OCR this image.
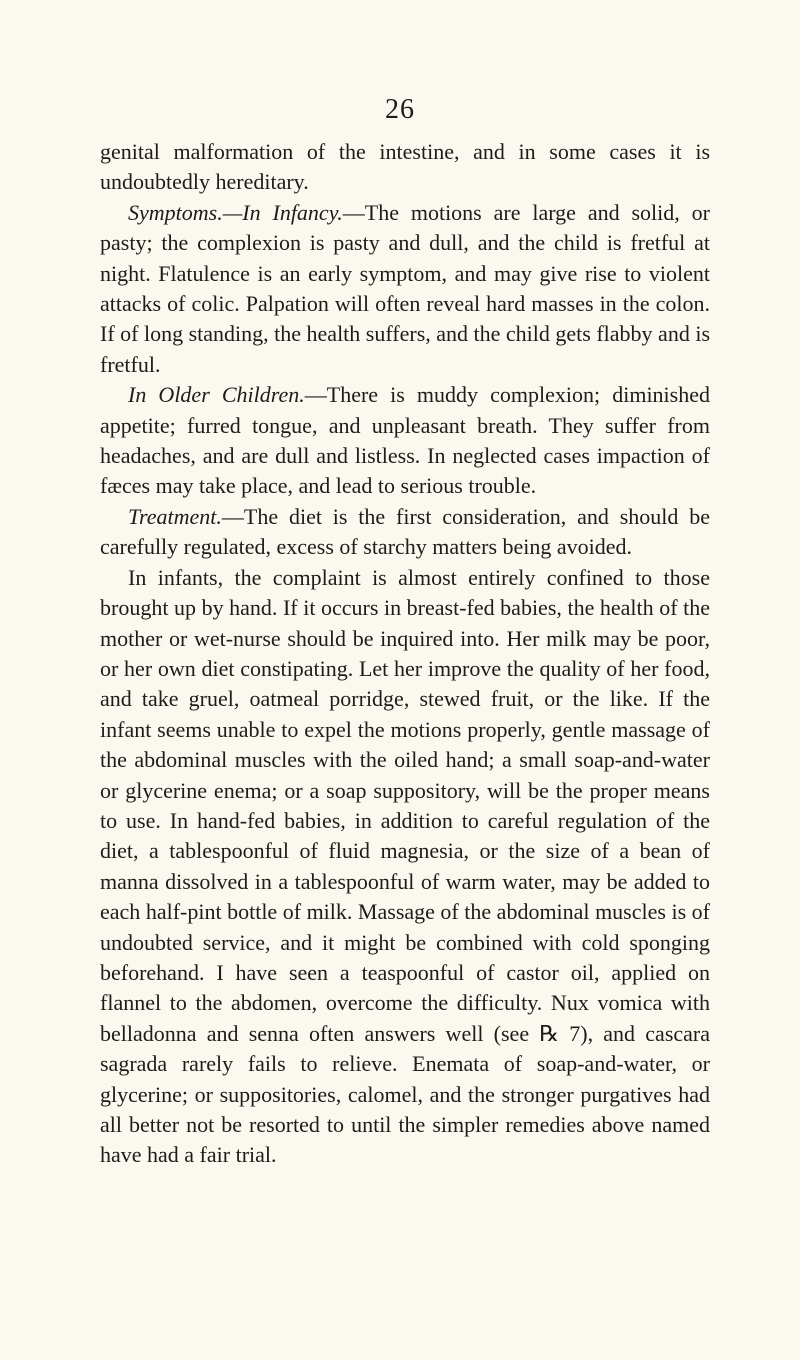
26

genital malformation of the intestine, and in some cases it is undoubtedly hereditary.

Symptoms.—In Infancy.—The motions are large and solid, or pasty; the complexion is pasty and dull, and the child is fretful at night. Flatulence is an early symptom, and may give rise to violent attacks of colic. Palpation will often reveal hard masses in the colon. If of long standing, the health suffers, and the child gets flabby and is fretful.

In Older Children.—There is muddy complexion; diminished appetite; furred tongue, and unpleasant breath. They suffer from headaches, and are dull and listless. In neglected cases impaction of fæces may take place, and lead to serious trouble.

Treatment.—The diet is the first consideration, and should be carefully regulated, excess of starchy matters being avoided.

In infants, the complaint is almost entirely confined to those brought up by hand. If it occurs in breast-fed babies, the health of the mother or wet-nurse should be inquired into. Her milk may be poor, or her own diet constipating. Let her improve the quality of her food, and take gruel, oatmeal porridge, stewed fruit, or the like. If the infant seems unable to expel the motions properly, gentle massage of the abdominal muscles with the oiled hand; a small soap-and-water or glycerine enema; or a soap suppository, will be the proper means to use. In hand-fed babies, in addition to careful regulation of the diet, a tablespoonful of fluid magnesia, or the size of a bean of manna dissolved in a tablespoonful of warm water, may be added to each half-pint bottle of milk. Massage of the abdominal muscles is of undoubted service, and it might be combined with cold sponging beforehand. I have seen a teaspoonful of castor oil, applied on flannel to the abdomen, overcome the difficulty. Nux vomica with belladonna and senna often answers well (see ℞ 7), and cascara sagrada rarely fails to relieve. Enemata of soap-and-water, or glycerine; or suppositories, calomel, and the stronger purgatives had all better not be resorted to until the simpler remedies above named have had a fair trial.
